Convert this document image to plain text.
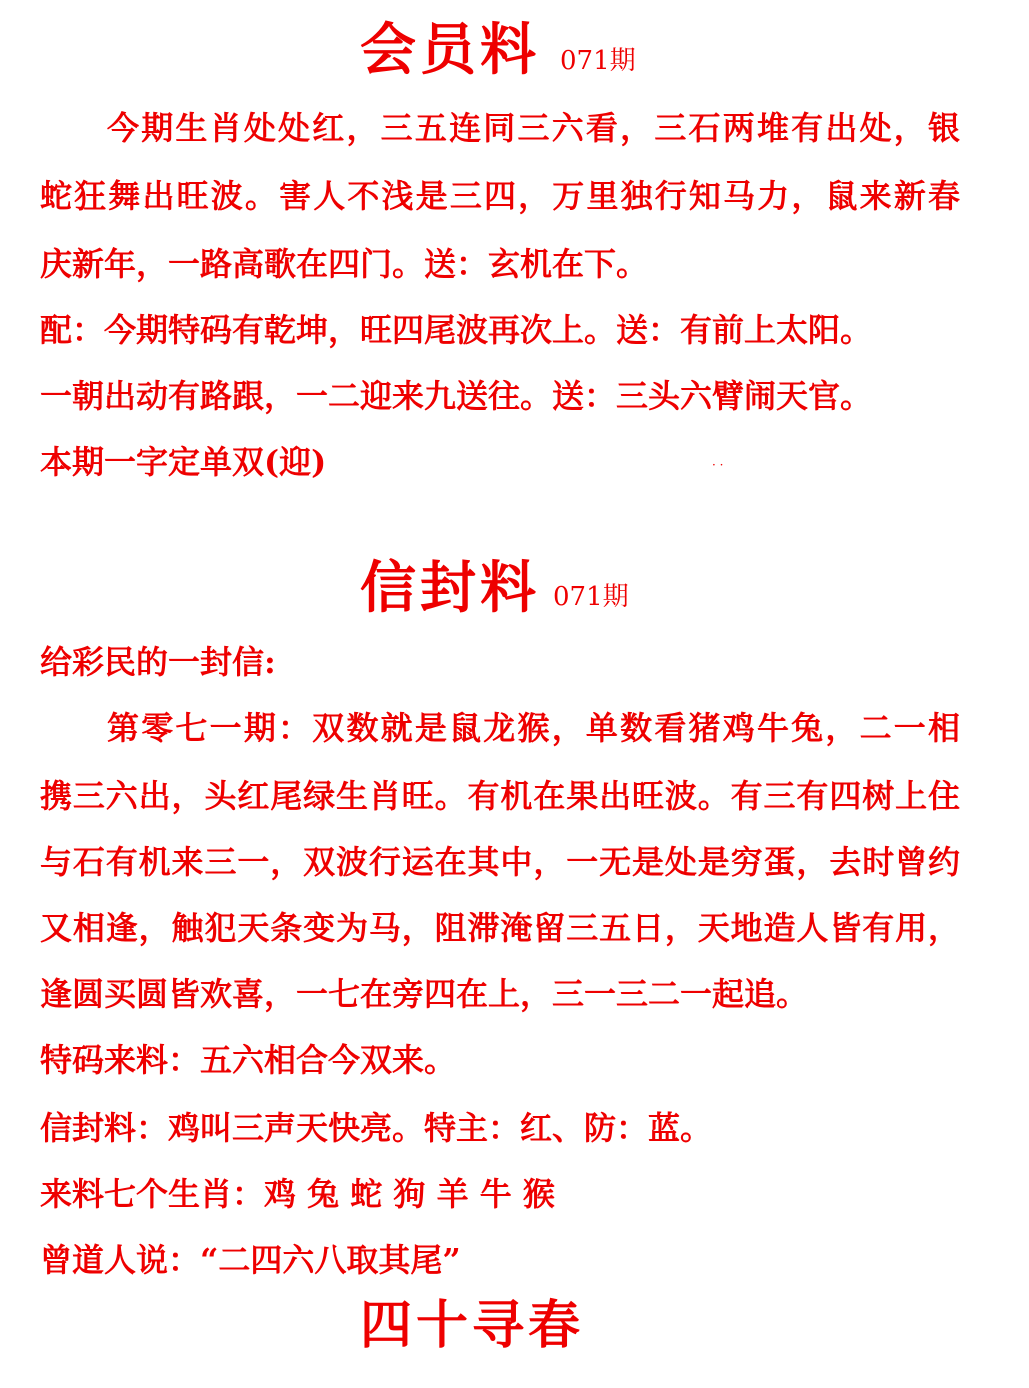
会员料 071期
今期生肖处处红，三五连同三六看，三石两堆有出处，银
蛇狂舞出旺波。害人不浅是三四，万里独行知马力，鼠来新春
庆新年，一路高歌在四门。送：玄机在下。
配：今期特码有乾坤，旺四尾波再次上。送：有前上太阳。
一朝出动有路跟，一二迎来九送往。送：三头六臂闹天官。
本期一字定单双(迎)	· ·
信封料 071期
给彩民的一封信:
第零七一期：双数就是鼠龙猴，单数看猪鸡牛兔，二一相
携三六出，头红尾绿生肖旺。有机在果出旺波。有三有四树上住
与石有机来三一，双波行运在其中，一无是处是穷蛋，去时曾约
又相逢，触犯天条变为马，阻滞淹留三五日，天地造人皆有用，
逢圆买圆皆欢喜，一七在旁四在上，三一三二一起追。
特码来料：五六相合今双来。
信封料：鸡叫三声天快亮。特主：红、防：蓝。
来料七个生肖：鸡 兔 蛇 狗 羊 牛 猴
曾道人说：“二四六八取其尾”
四十寻春
